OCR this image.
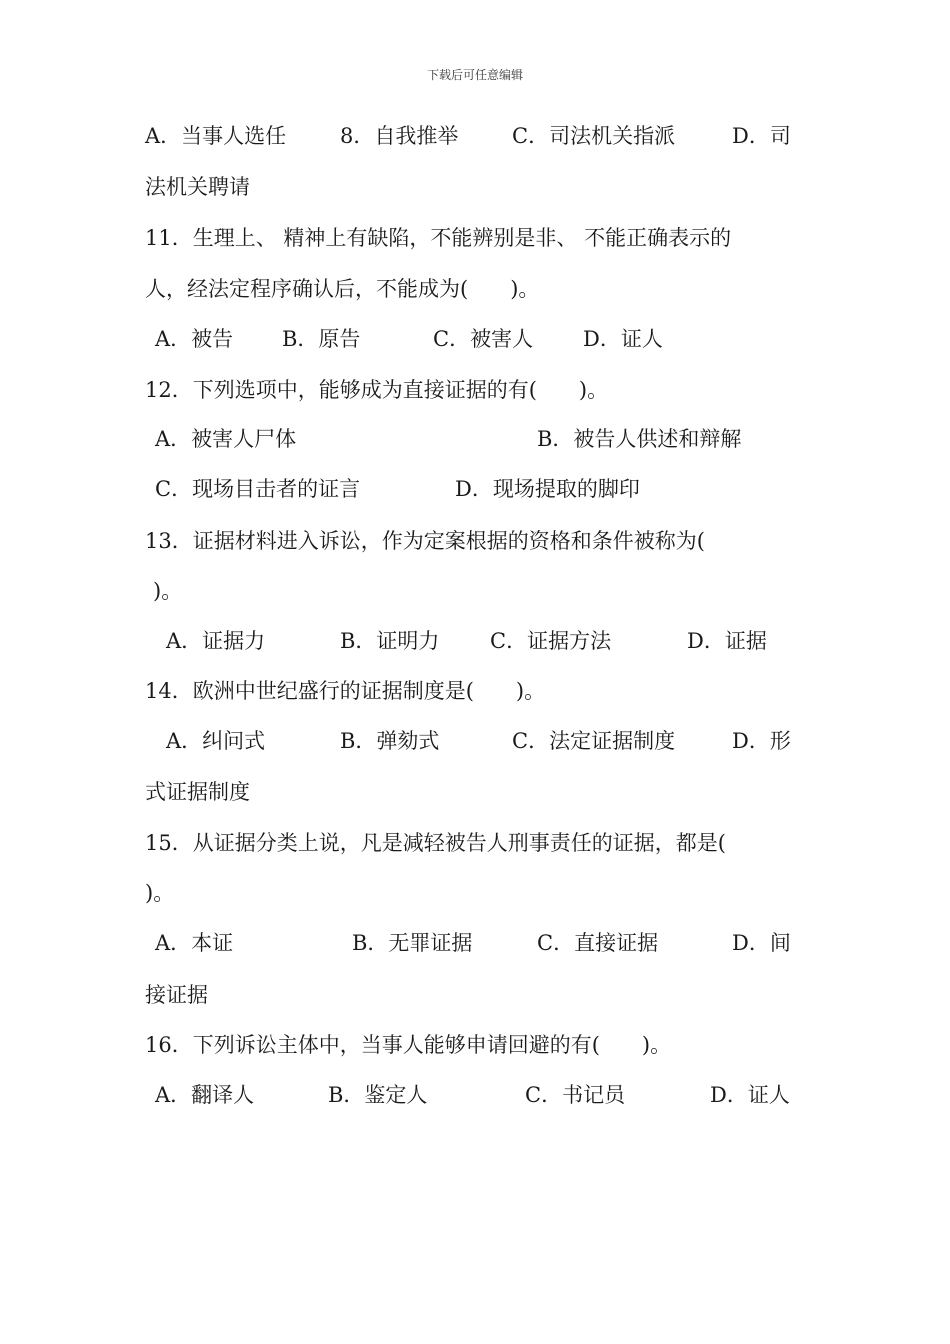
下载后可任意编辑
A．当事人选任	8．自我推举	C．司法机关指派	D．司
法机关聘请
11．生理上、 精神上有缺陷，不能辨别是非、 不能正确表示的
人，经法定程序确认后，不能成为(　　)。
A．被告 B．原告	C．被害人 D．证人
12．下列选项中，能够成为直接证据的有(　　)。
A．被害人尸体	B．被告人供述和辩解
C．现场目击者的证言	D．现场提取的脚印
13．证据材料进入诉讼，作为定案根据的资格和条件被称为(
)。
A．证据力	B．证明力 C．证据方法	D．证据
14．欧洲中世纪盛行的证据制度是(　　)。
A．纠问式	B．弹劾式	C．法定证据制度	D．形
式证据制度
15．从证据分类上说，凡是减轻被告人刑事责任的证据，都是(
)。
A．本证	B．无罪证据	C．直接证据	D．间
接证据
16．下列诉讼主体中，当事人能够申请回避的有(　　)。
A．翻译人	B．鉴定人	C．书记员	D．证人
